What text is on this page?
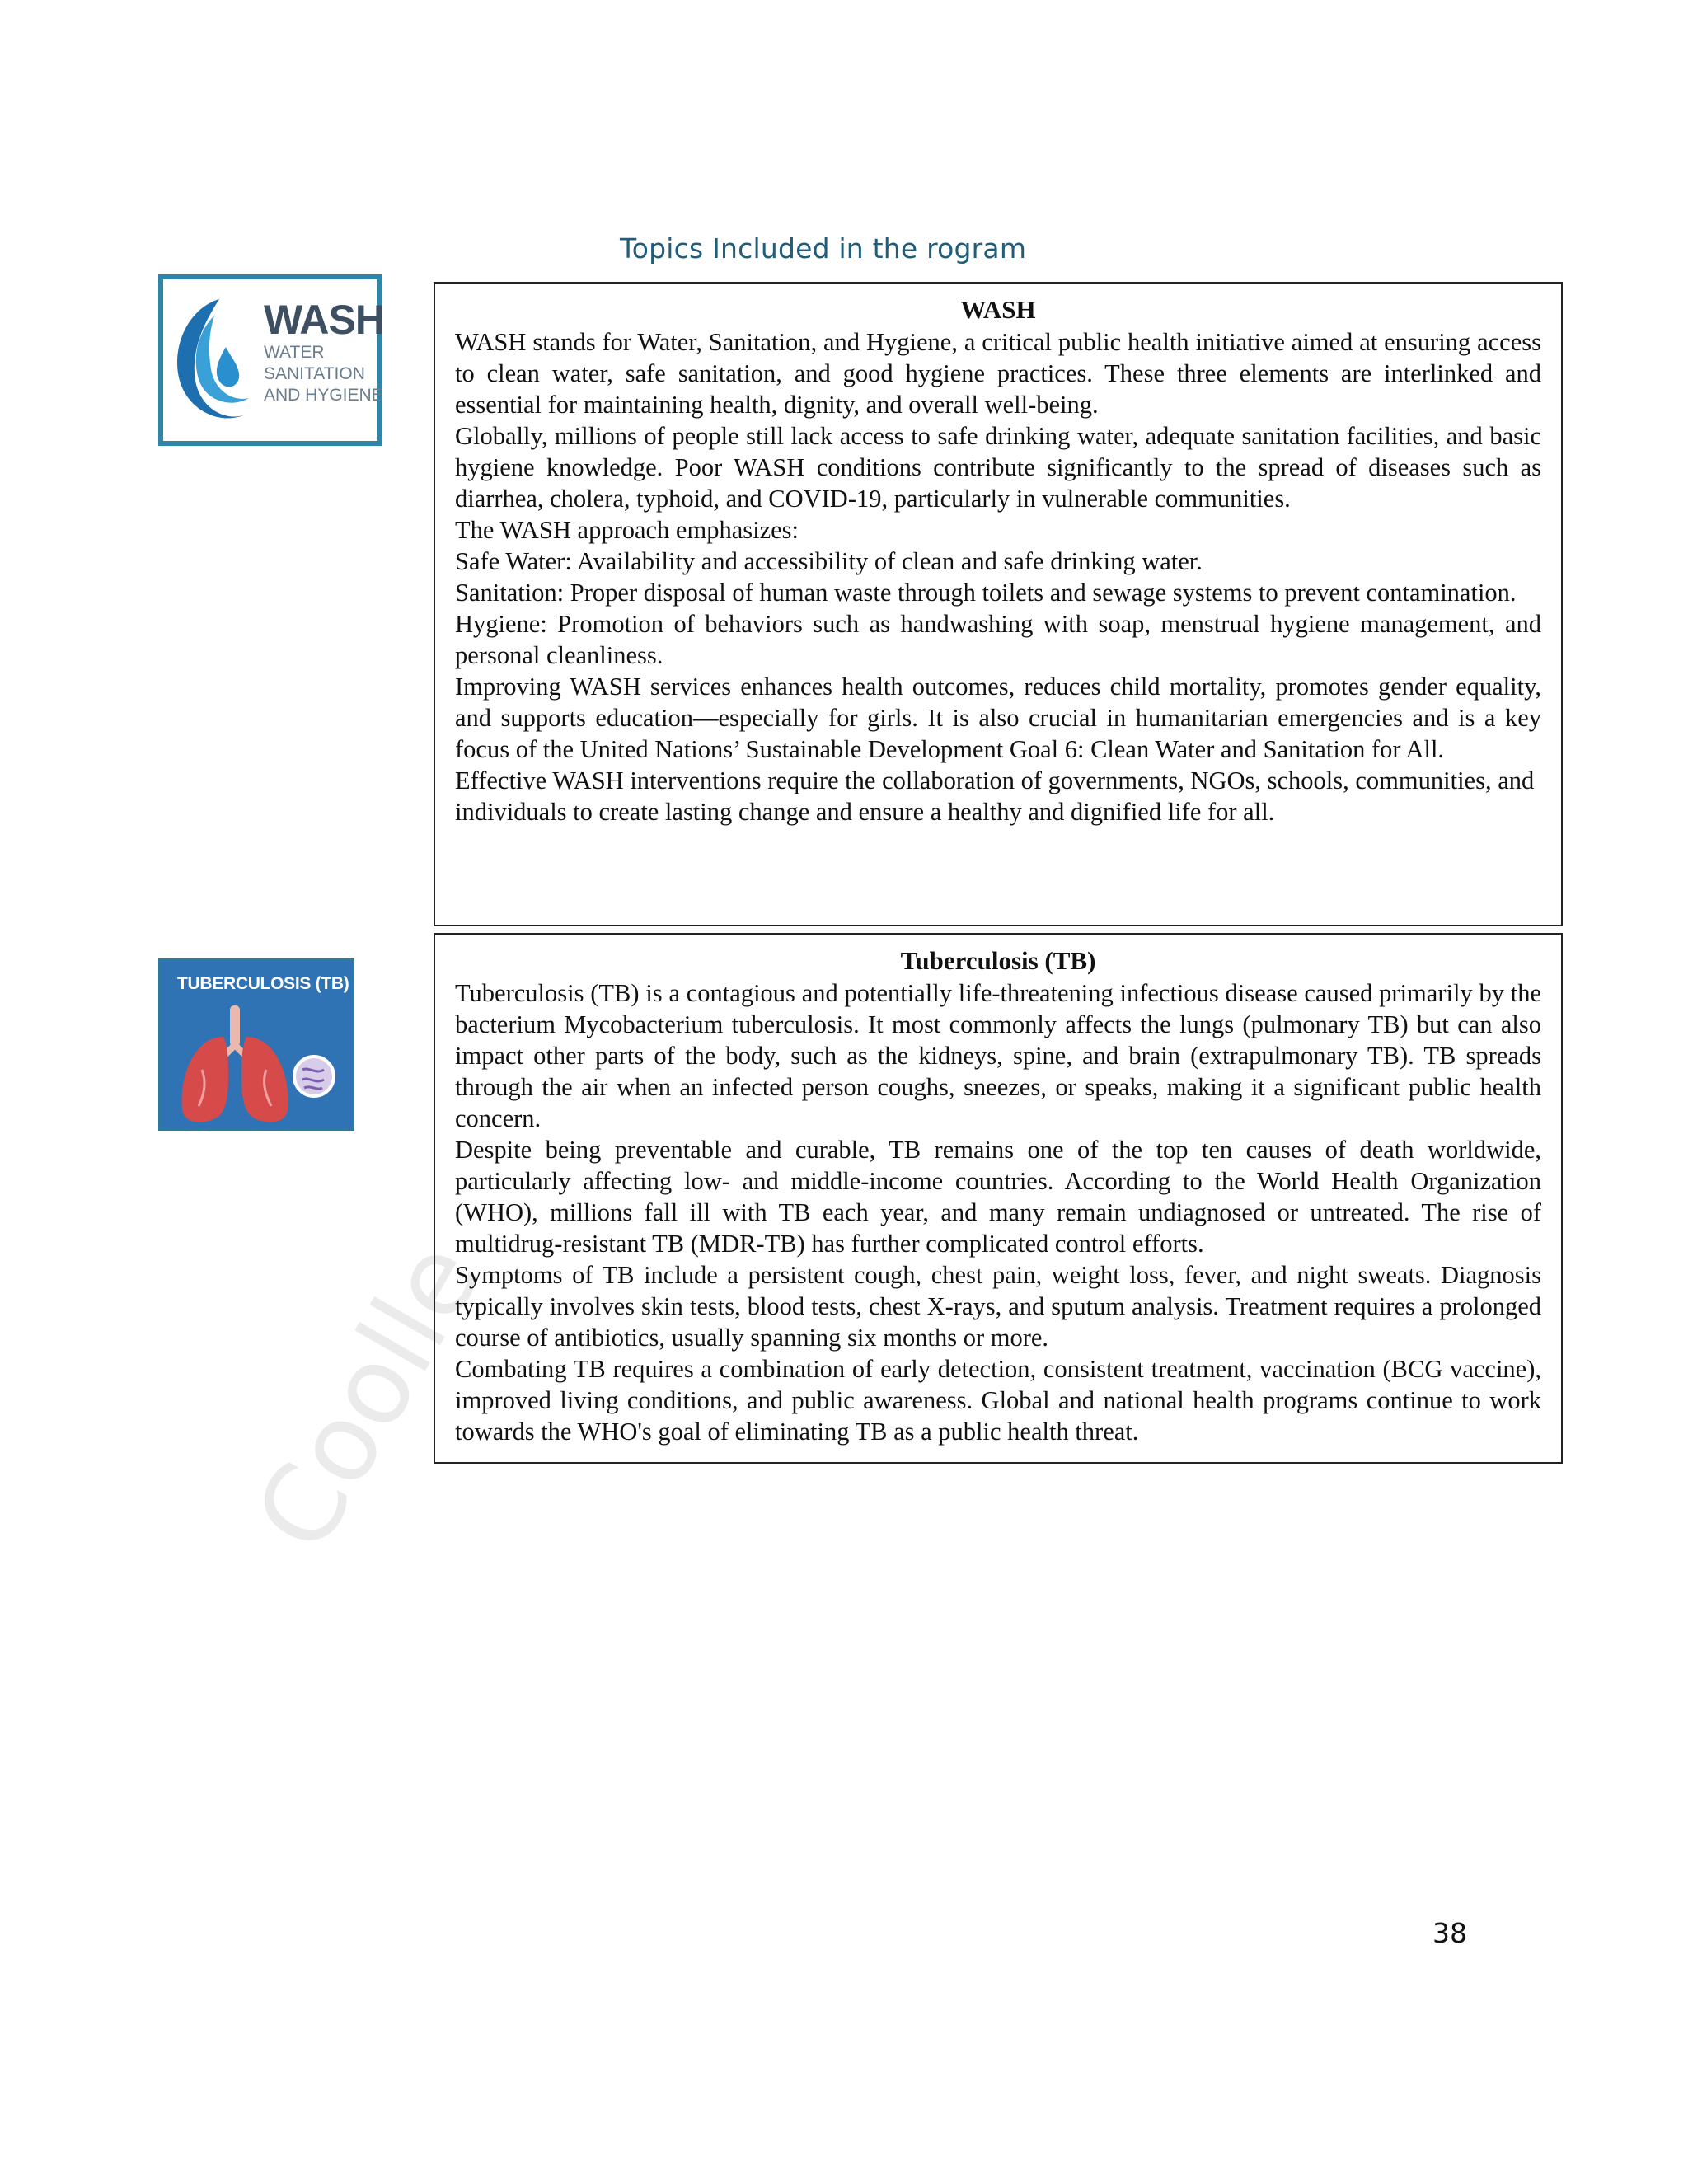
Coolle
Topics Included in the rogram
WASH
WATER
SANITATION
AND HYGIENE
WASH

WASH stands for Water, Sanitation, and Hygiene, a critical public health initiative aimed at ensuring access to clean water, safe sanitation, and good hygiene practices. These three elements are interlinked and essential for maintaining health, dignity, and overall well-being.

Globally, millions of people still lack access to safe drinking water, adequate sanitation facilities, and basic hygiene knowledge. Poor WASH conditions contribute significantly to the spread of diseases such as diarrhea, cholera, typhoid, and COVID-19, particularly in vulnerable communities.

The WASH approach emphasizes:

Safe Water: Availability and accessibility of clean and safe drinking water.

Sanitation: Proper disposal of human waste through toilets and sewage systems to prevent contamination.

Hygiene: Promotion of behaviors such as handwashing with soap, menstrual hygiene management, and personal cleanliness.

Improving WASH services enhances health outcomes, reduces child mortality, promotes gender equality, and supports education—especially for girls. It is also crucial in humanitarian emergencies and is a key focus of the United Nations’ Sustainable Development Goal 6: Clean Water and Sanitation for All.

Effective WASH interventions require the collaboration of governments, NGOs, schools, communities, and

individuals to create lasting change and ensure a healthy and dignified life for all.

TUBERCULOSIS (TB)
Tuberculosis (TB)

Tuberculosis (TB) is a contagious and potentially life-threatening infectious disease caused primarily by the bacterium Mycobacterium tuberculosis. It most commonly affects the lungs (pulmonary TB) but can also impact other parts of the body, such as the kidneys, spine, and brain (extrapulmonary TB). TB spreads through the air when an infected person coughs, sneezes, or speaks, making it a significant public health concern.

Despite being preventable and curable, TB remains one of the top ten causes of death worldwide, particularly affecting low- and middle-income countries. According to the World Health Organization (WHO), millions fall ill with TB each year, and many remain undiagnosed or untreated. The rise of multidrug-resistant TB (MDR-TB) has further complicated control efforts.

Symptoms of TB include a persistent cough, chest pain, weight loss, fever, and night sweats. Diagnosis typically involves skin tests, blood tests, chest X-rays, and sputum analysis. Treatment requires a prolonged course of antibiotics, usually spanning six months or more.

Combating TB requires a combination of early detection, consistent treatment, vaccination (BCG vaccine), improved living conditions, and public awareness. Global and national health programs continue to work towards the WHO's goal of eliminating TB as a public health threat.

38
